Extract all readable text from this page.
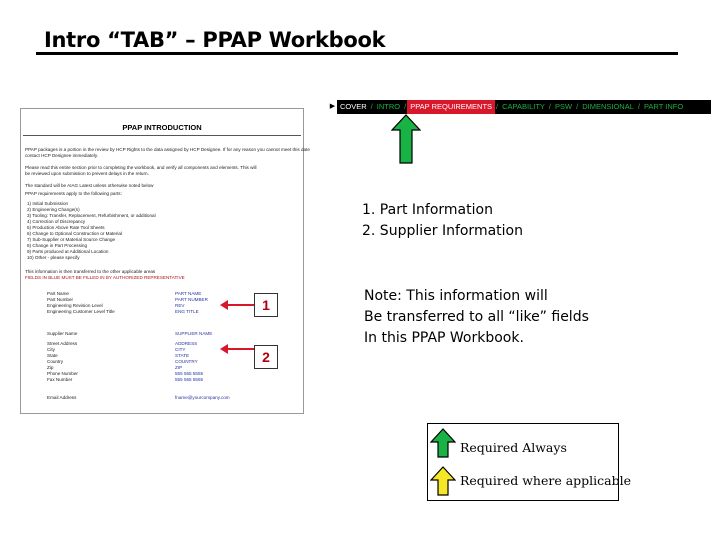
Intro “TAB” – PPAP Workbook
▶ COVER / INTRO / PPAP REQUIREMENTS / CAPABILITY / PSW / DIMENSIONAL / PART INFO
PPAP INTRODUCTION
PPAP packages is a portion in the review by HCP Rights to the data assigned by HCP Designee. If for any reason you cannot meet this date
contact HCP Designee immediately.
Please read this entire section prior to completing the workbook, and verify all components and elements. This will
be reviewed upon submission to prevent delays in the return.
The standard will be AIAG Latest unless otherwise noted below
PPAP requirements apply to the following parts:
1) Initial Submission
2) Engineering Change(s)
3) Tooling: Transfer, Replacement, Refurbishment, or additional
4) Correction of Discrepancy
5) Production Above Rate Tool Sheets
6) Change to Optional Construction or Material
7) Sub-Supplier or Material Source Change
8) Change in Part Processing
9) Parts produced at Additional Location
10) Other - please specify
This information is then transferred to the other applicable areas
FIELDS IN BLUE MUST BE FILLED IN BY AUTHORIZED REPRESENTATIVE
Part Name	PART NAME
Part Number	PART NUMBER
Engineering Revision Level	REV
Engineering Customer Level Title	ENG TITLE
Supplier Name	SUPPLIER NAME
Street Address	ADDRESS
City	CITY
State	STATE
Country	COUNTRY
Zip	ZIP
Phone Number	555 555 5555
Fax Number	555 555 5555
Email Address	fname@yourcompany.com
1
2
1. Part Information
2. Supplier Information
Note: This information will
Be transferred to all “like” fields
In this PPAP Workbook.
Required Always
Required where applicable
